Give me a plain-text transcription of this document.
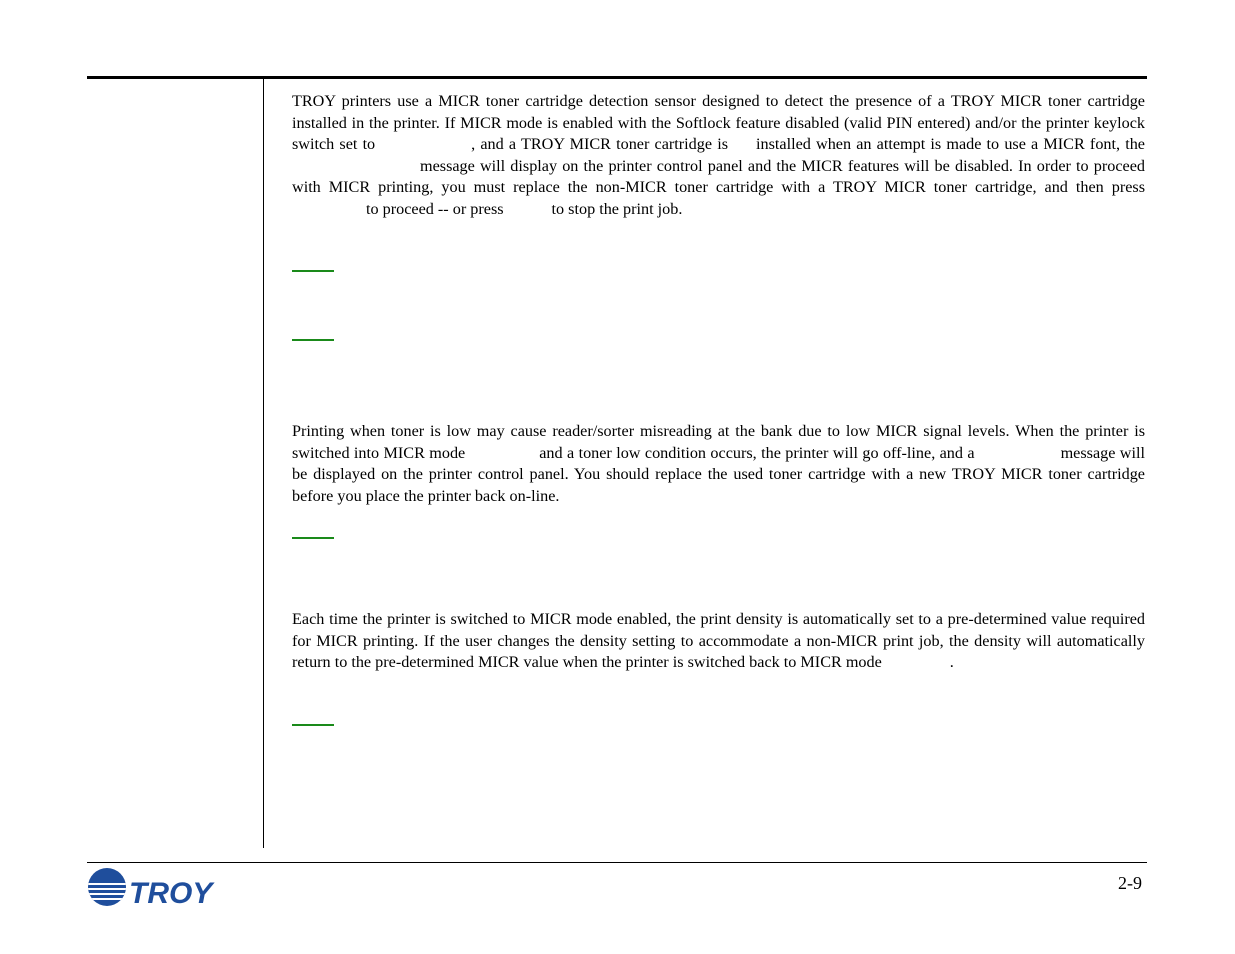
TROY printers use a MICR toner cartridge detection sensor designed to detect the presence of a TROY MICR toner cartridge installed in the printer. If MICR mode is enabled with the Softlock feature disabled (valid PIN entered) and/or the printer keylock switch set to	, and a TROY MICR toner cartridge is installed when an attempt is made to use a MICR font, themessage will display on the printer control panel and the MICR features will be disabled. In order to proceed with MICR printing, you must replace the non-MICR toner cartridge with a TROY MICR toner cartridge, and then pressto proceed -- or press	to stop the print job.

Printing when toner is low may cause reader/sorter misreading at the bank due to low MICR signal levels. When the printer is switched into MICR mode	and a toner low condition occurs, the printer will go off-line, and a	message will be displayed on the printer control panel. You should replace the used toner cartridge with a new TROY MICR toner cartridge before you place the printer back on-line.

Each time the printer is switched to MICR mode enabled, the print density is automatically set to a pre-determined value required for MICR printing. If the user changes the density setting to accommodate a non-MICR print job, the density will automatically return to the pre-determined MICR value when the printer is switched back to MICR mode	.

TROY	2-9
